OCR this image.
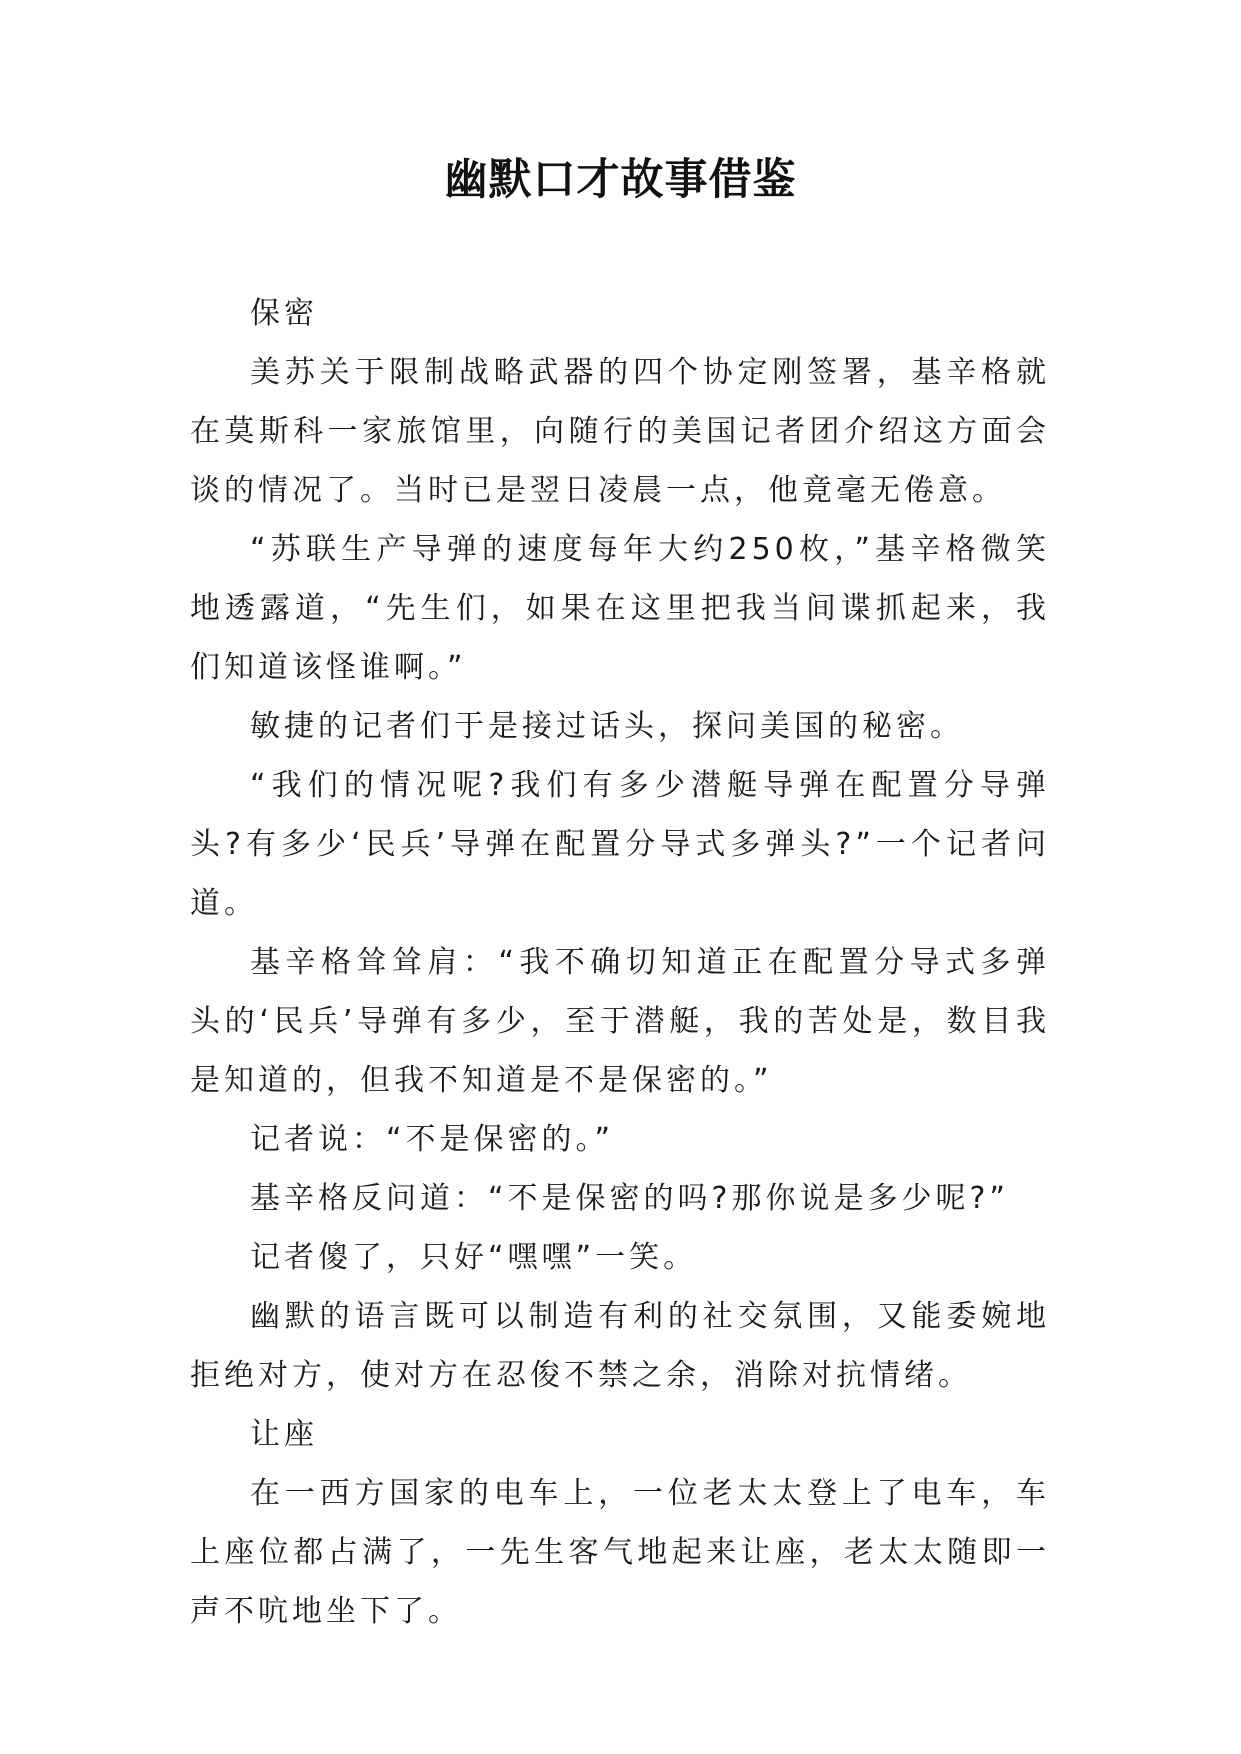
幽默口才故事借鉴

保密

美苏关于限制战略武器的四个协定刚签署，基辛格就在莫斯科一家旅馆里，向随行的美国记者团介绍这方面会谈的情况了。当时已是翌日凌晨一点，他竟毫无倦意。

“苏联生产导弹的速度每年大约250枚，”基辛格微笑地透露道，“先生们，如果在这里把我当间谍抓起来，我们知道该怪谁啊。”

敏捷的记者们于是接过话头，探问美国的秘密。

“我们的情况呢?我们有多少潜艇导弹在配置分导弹头?有多少‘民兵’导弹在配置分导式多弹头?”一个记者问道。

基辛格耸耸肩：“我不确切知道正在配置分导式多弹头的‘民兵’导弹有多少，至于潜艇，我的苦处是，数目我是知道的，但我不知道是不是保密的。”

记者说：“不是保密的。”

基辛格反问道：“不是保密的吗?那你说是多少呢?”

记者傻了，只好“嘿嘿”一笑。

幽默的语言既可以制造有利的社交氛围，又能委婉地拒绝对方，使对方在忍俊不禁之余，消除对抗情绪。

让座

在一西方国家的电车上，一位老太太登上了电车，车上座位都占满了，一先生客气地起来让座，老太太随即一声不吭地坐下了。
